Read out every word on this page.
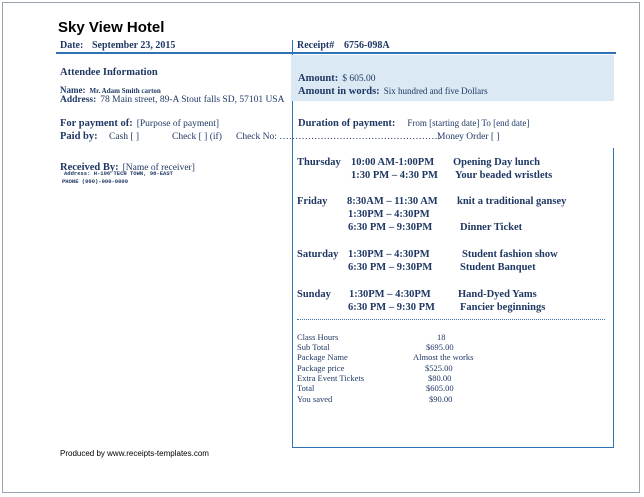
Sky View Hotel
Date: September 23, 2015	Receipt# 6756-098A
Attendee Information
Name: Mr. Adam Smith carton
Address: 78 Main street, 89-A Stout falls SD, 57101 USA
Amount: $ 605.00
Amount in words: Six hundred and five Dollars
For payment of: [Purpose of payment]	Duration of payment: From [starting date] To [end date]
Paid by: Cash [ ]	Check [ ] (if) Check No: ……………………………………………
Money Order [ ]
Received By: [Name of receiver]
Address: H-106 TECH TOWN, 98-EAST
PHONE (000)-000-0000
Thursday 10:00 AM-1:00PM Opening Day lunch
1:30 PM – 4:30 PM Your beaded wristlets
Friday 8:30AM – 11:30 AM knit a traditional gansey
1:30PM – 4:30PM
6:30 PM – 9:30PM	Dinner Ticket
Saturday 1:30PM – 4:30PM	Student fashion show
6:30 PM – 9:30PM	Student Banquet
Sunday 1:30PM – 4:30PM	Hand-Dyed Yams
6:30 PM – 9:30 PM Fancier beginnings
Class Hours	18
Sub Total	$695.00
Package Name	Almost the works
Package price	$525.00
Extra Event Tickets	$80.00
Total	$605.00
You saved	$90.00
Produced by www.receipts-templates.com
